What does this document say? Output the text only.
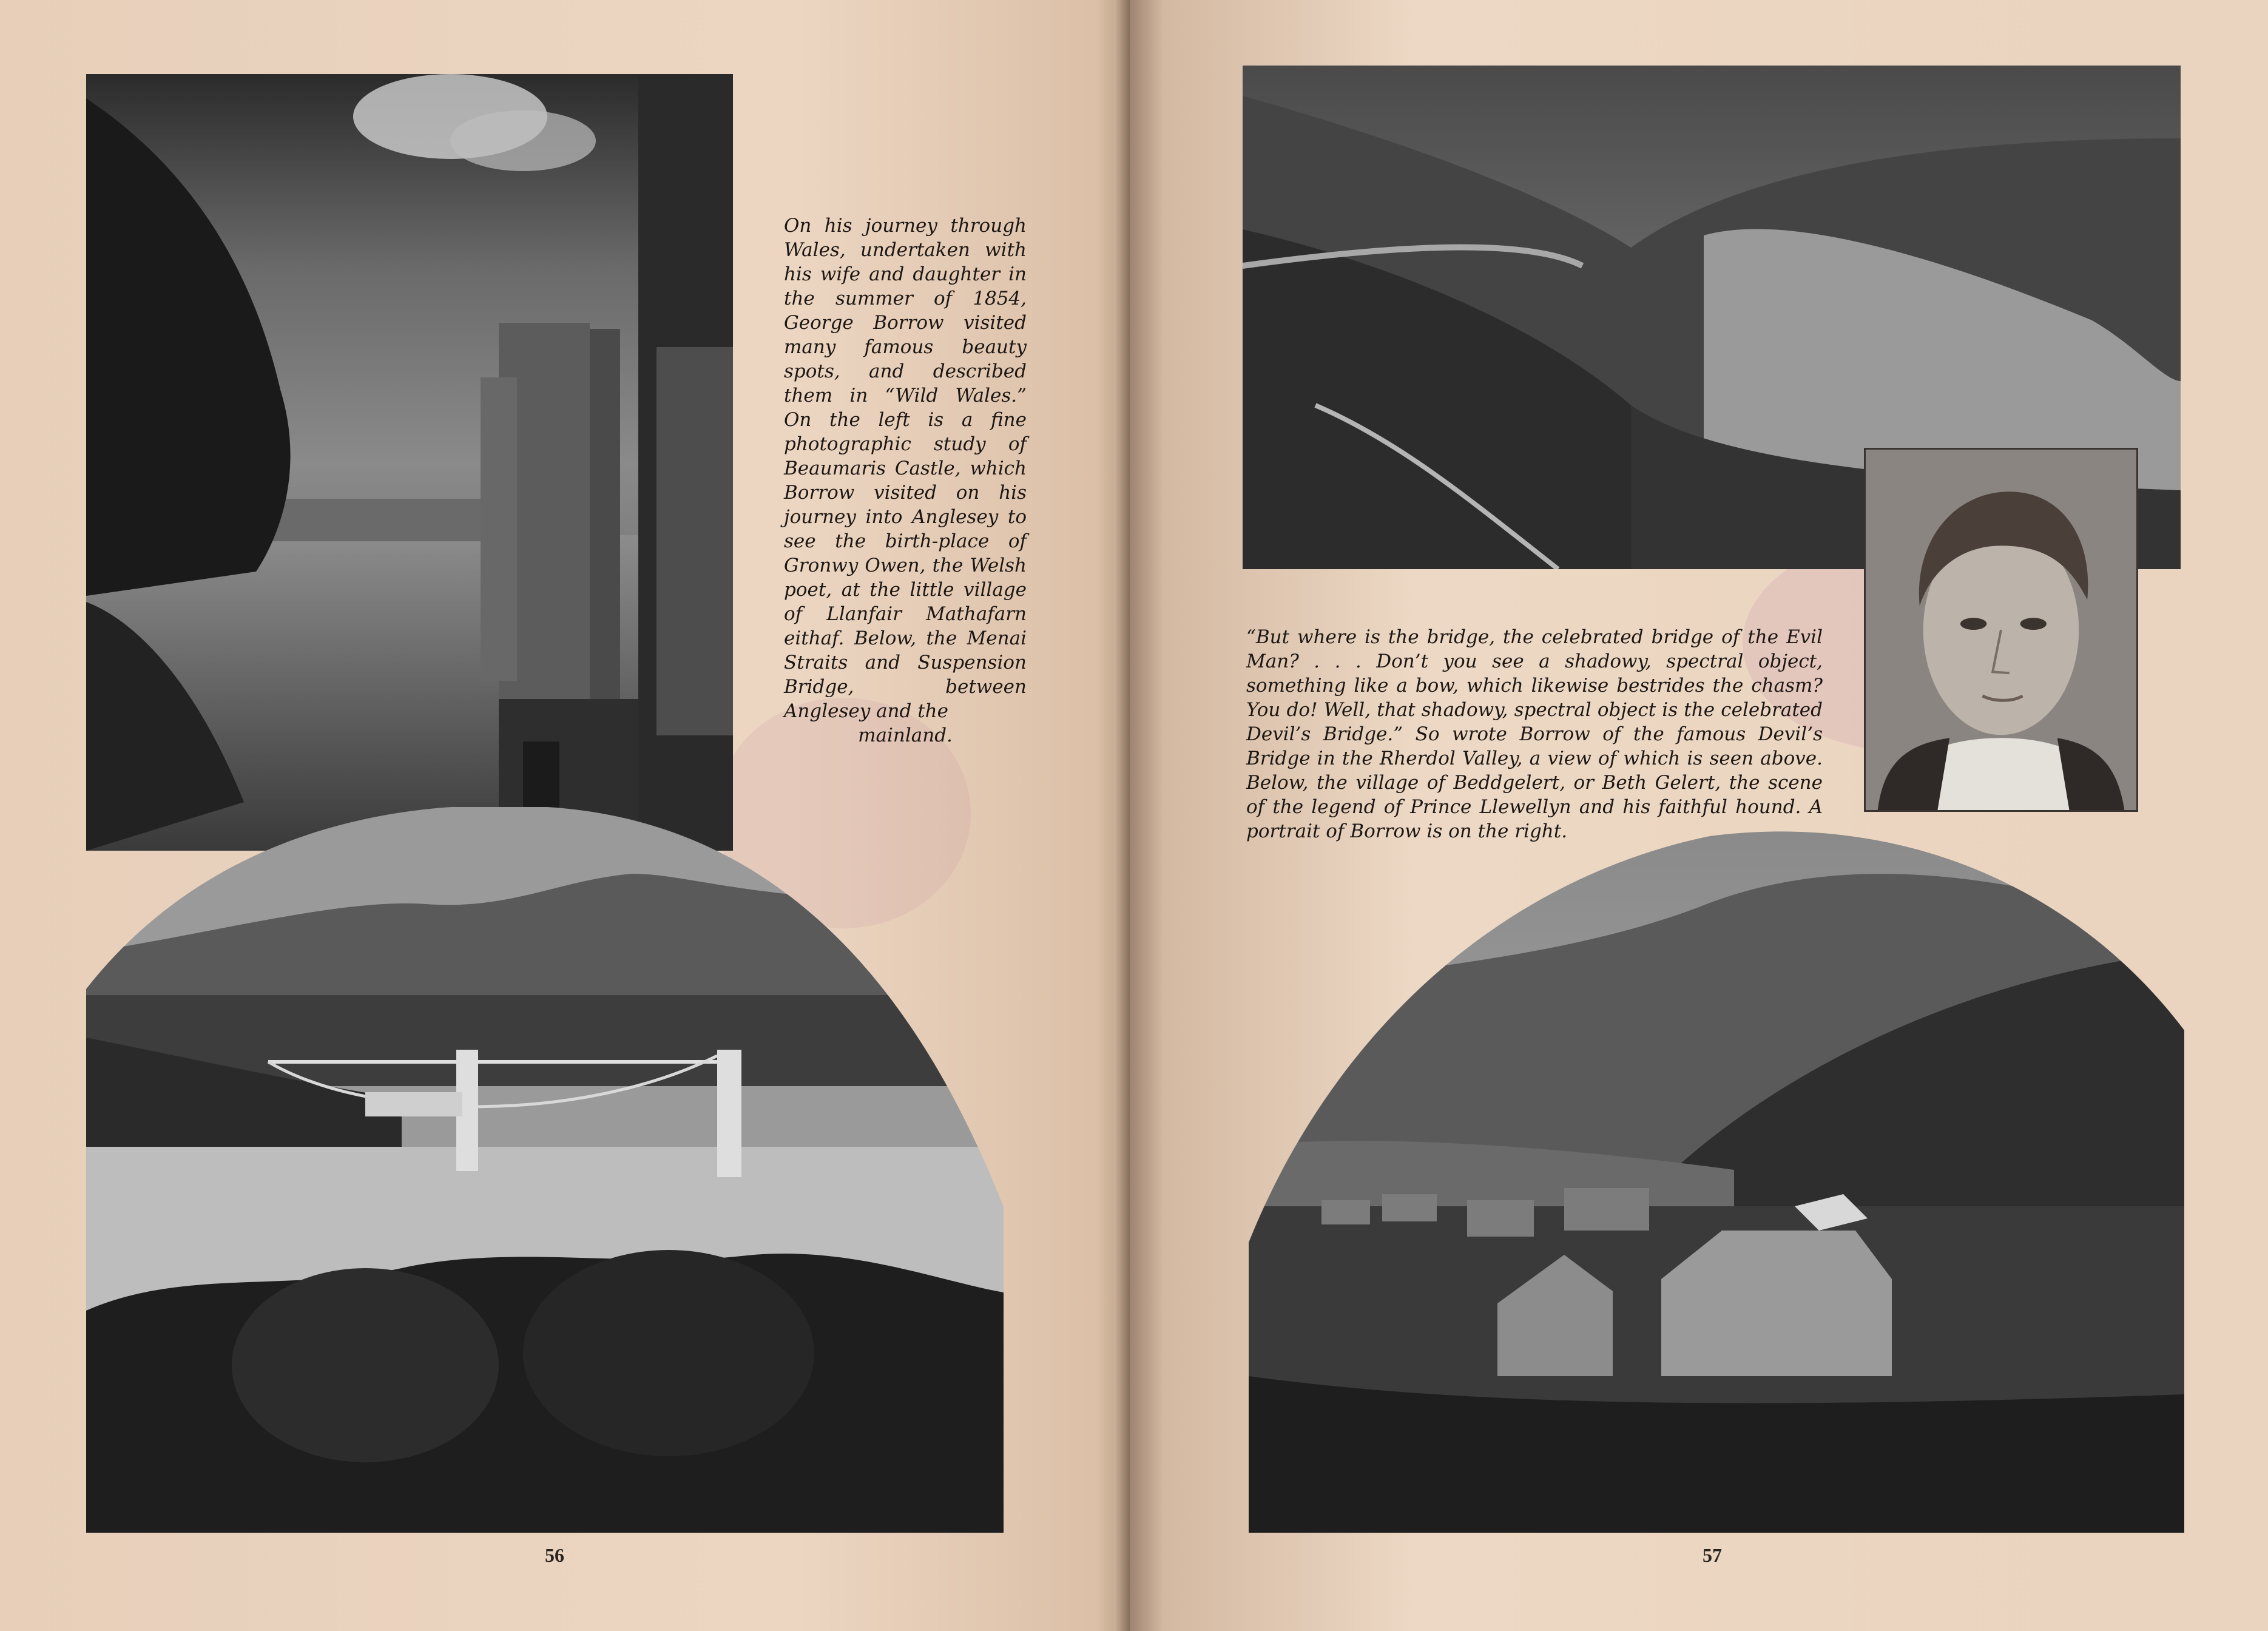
On his journey through Wales, undertaken with his wife and daughter in the summer of 1854, George Borrow visited many famous beauty spots, and described them in “Wild Wales.” On the left is a fine photographic study of Beaumaris Castle, which Borrow visited on his journey into Anglesey to see the birth-place of Gronwy Owen, the Welsh poet, at the little village of Llanfair Mathafarn eithaf. Below, the Menai Straits and Suspension Bridge, between Anglesey and the
mainland.

56

“But where is the bridge, the celebrated bridge of the Evil Man? . . . Don’t you see a shadowy, spectral object, something like a bow, which likewise bestrides the chasm? You do! Well, that shadowy, spectral object is the celebrated Devil’s Bridge.” So wrote Borrow of the famous Devil’s Bridge in the Rherdol Valley, a view of which is seen above. Below, the village of Beddgelert, or Beth Gelert, the scene of the legend of Prince Llewellyn and his faithful hound. A portrait of Borrow is on the right.

57
